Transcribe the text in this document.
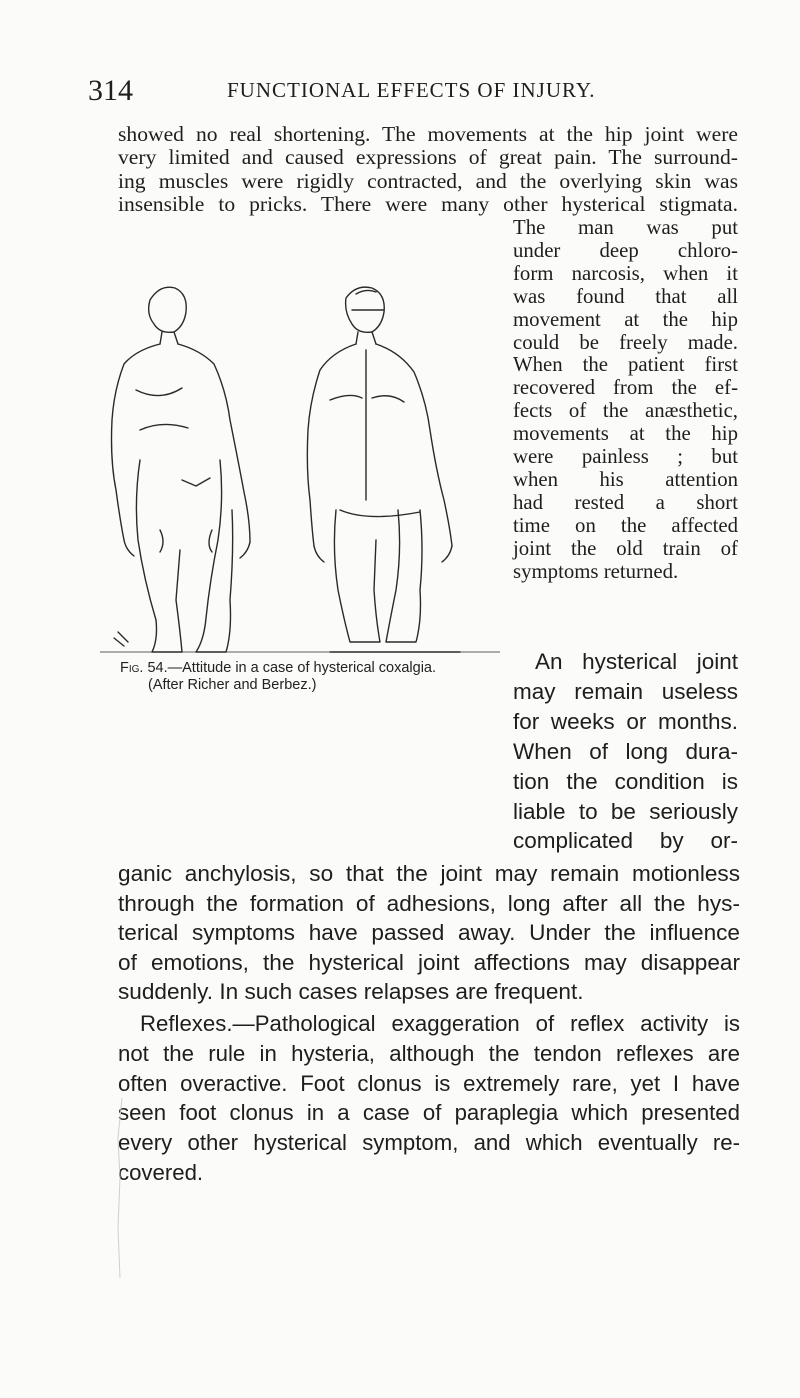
314	FUNCTIONAL EFFECTS OF INJURY.
showed no real shortening. The movements at the hip joint were
very limited and caused expressions of great pain. The surround-
ing muscles were rigidly contracted, and the overlying skin was
insensible to pricks. There were many other hysterical stigmata.
The man was put
under deep chloro-
form narcosis, when it
was found that all
movement at the hip
could be freely made.
When the patient first
recovered from the ef-
fects of the anæsthetic,
movements at the hip
were painless ; but
when his attention
had rested a short
time on the affected
joint the old train of
symptoms returned.
An hysterical joint
may remain useless
for weeks or months.
When of long dura-
tion the condition is
liable to be seriously
complicated by or-
ganic anchylosis, so that the joint may remain motionless
through the formation of adhesions, long after all the hys-
terical symptoms have passed away. Under the influence
of emotions, the hysterical joint affections may disappear
suddenly. In such cases relapses are frequent.
Reflexes.—Pathological exaggeration of reflex activity is
not the rule in hysteria, although the tendon reflexes are
often overactive. Foot clonus is extremely rare, yet I have
seen foot clonus in a case of paraplegia which presented
every other hysterical symptom, and which eventually re-
covered.
Fig. 54.—Attitude in a case of hysterical coxalgia.
(After Richer and Berbez.)
